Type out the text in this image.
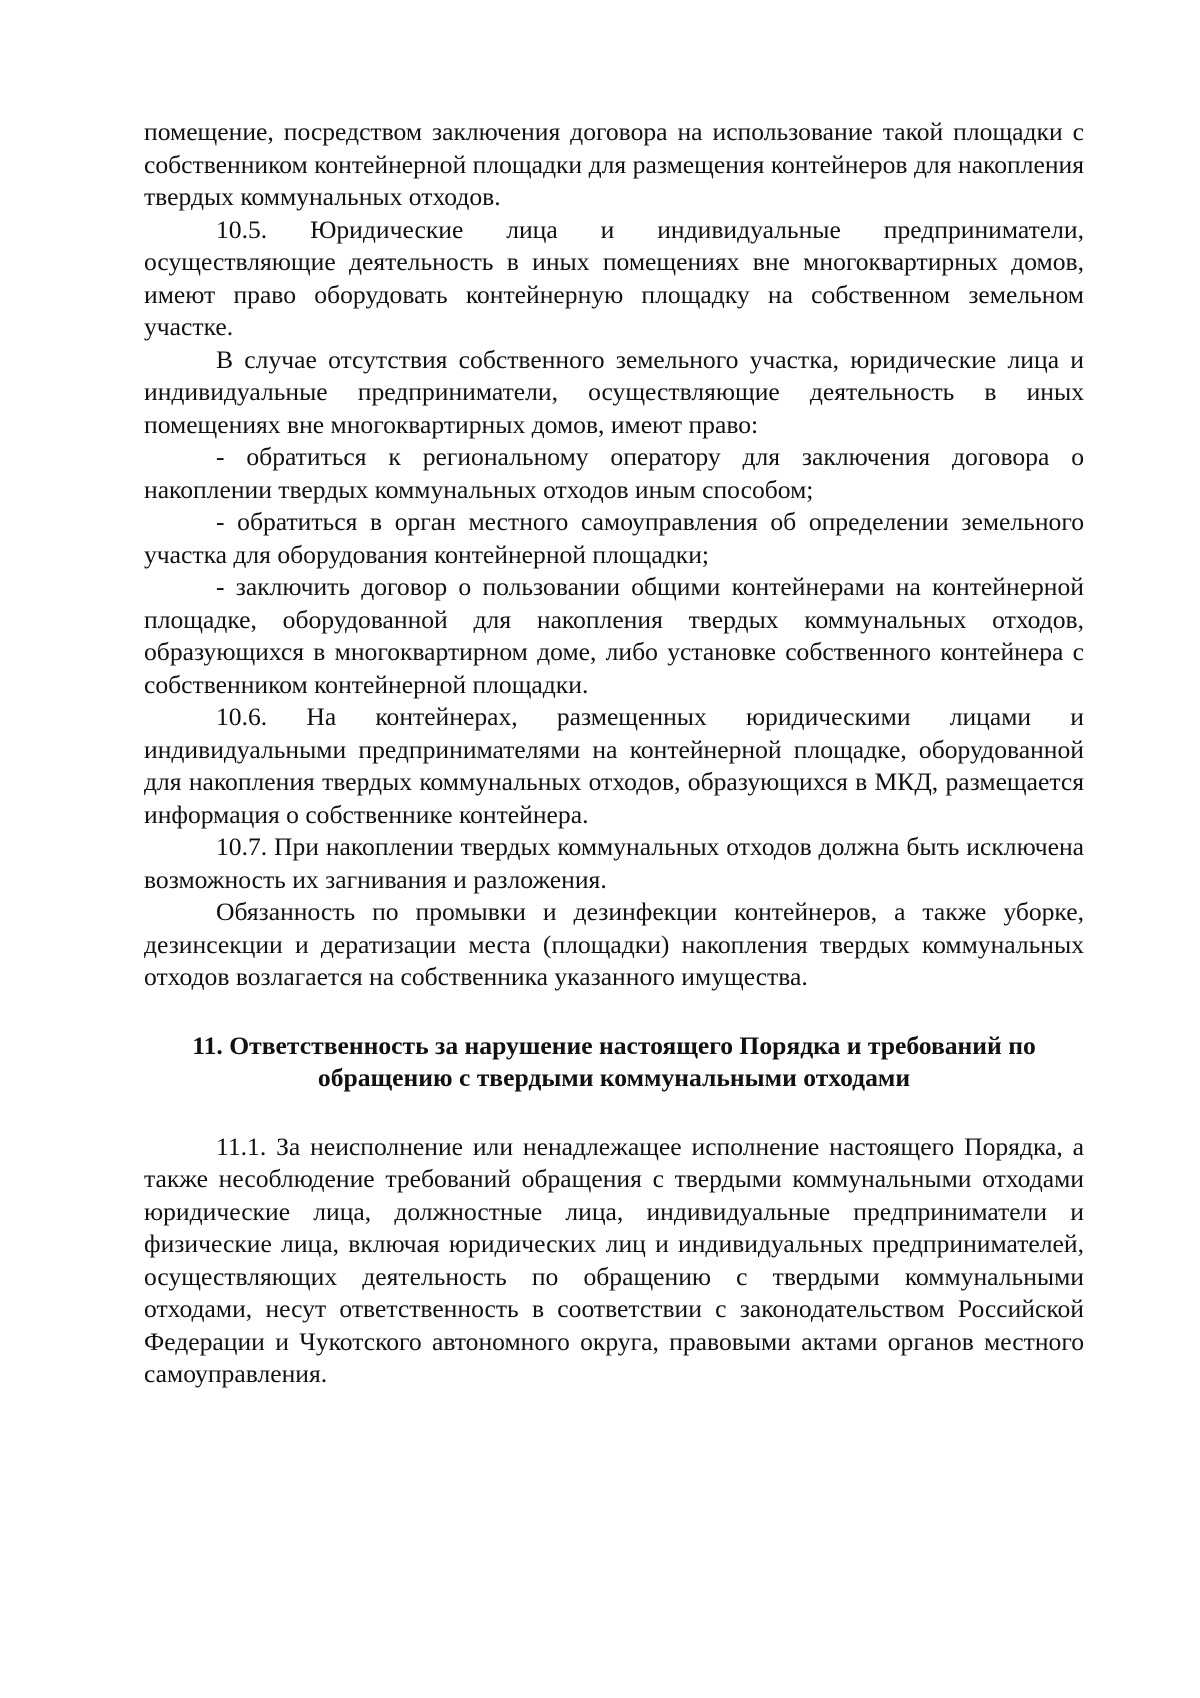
помещение, посредством заключения договора на использование такой площадки с собственником контейнерной площадки для размещения контейнеров для накопления твердых коммунальных отходов.

10.5. Юридические лица и индивидуальные предприниматели, осуществляющие деятельность в иных помещениях вне многоквартирных домов, имеют право оборудовать контейнерную площадку на собственном земельном участке.

В случае отсутствия собственного земельного участка, юридические лица и индивидуальные предприниматели, осуществляющие деятельность в иных помещениях вне многоквартирных домов, имеют право:

- обратиться к региональному оператору для заключения договора о накоплении твердых коммунальных отходов иным способом;

- обратиться в орган местного самоуправления об определении земельного участка для оборудования контейнерной площадки;

- заключить договор о пользовании общими контейнерами на контейнерной площадке, оборудованной для накопления твердых коммунальных отходов, образующихся в многоквартирном доме, либо установке собственного контейнера с собственником контейнерной площадки.

10.6. На контейнерах, размещенных юридическими лицами и индивидуальными предпринимателями на контейнерной площадке, оборудованной для накопления твердых коммунальных отходов, образующихся в МКД, размещается информация о собственнике контейнера.

10.7. При накоплении твердых коммунальных отходов должна быть исключена возможность их загнивания и разложения.

Обязанность по промывки и дезинфекции контейнеров, а также уборке, дезинсекции и дератизации места (площадки) накопления твердых коммунальных отходов возлагается на собственника указанного имущества.

11. Ответственность за нарушение настоящего Порядка и требований по обращению с твердыми коммунальными отходами

11.1. За неисполнение или ненадлежащее исполнение настоящего Порядка, а также несоблюдение требований обращения с твердыми коммунальными отходами юридические лица, должностные лица, индивидуальные предприниматели и физические лица, включая юридических лиц и индивидуальных предпринимателей, осуществляющих деятельность по обращению с твердыми коммунальными отходами, несут ответственность в соответствии с законодательством Российской Федерации и Чукотского автономного округа, правовыми актами органов местного самоуправления.
